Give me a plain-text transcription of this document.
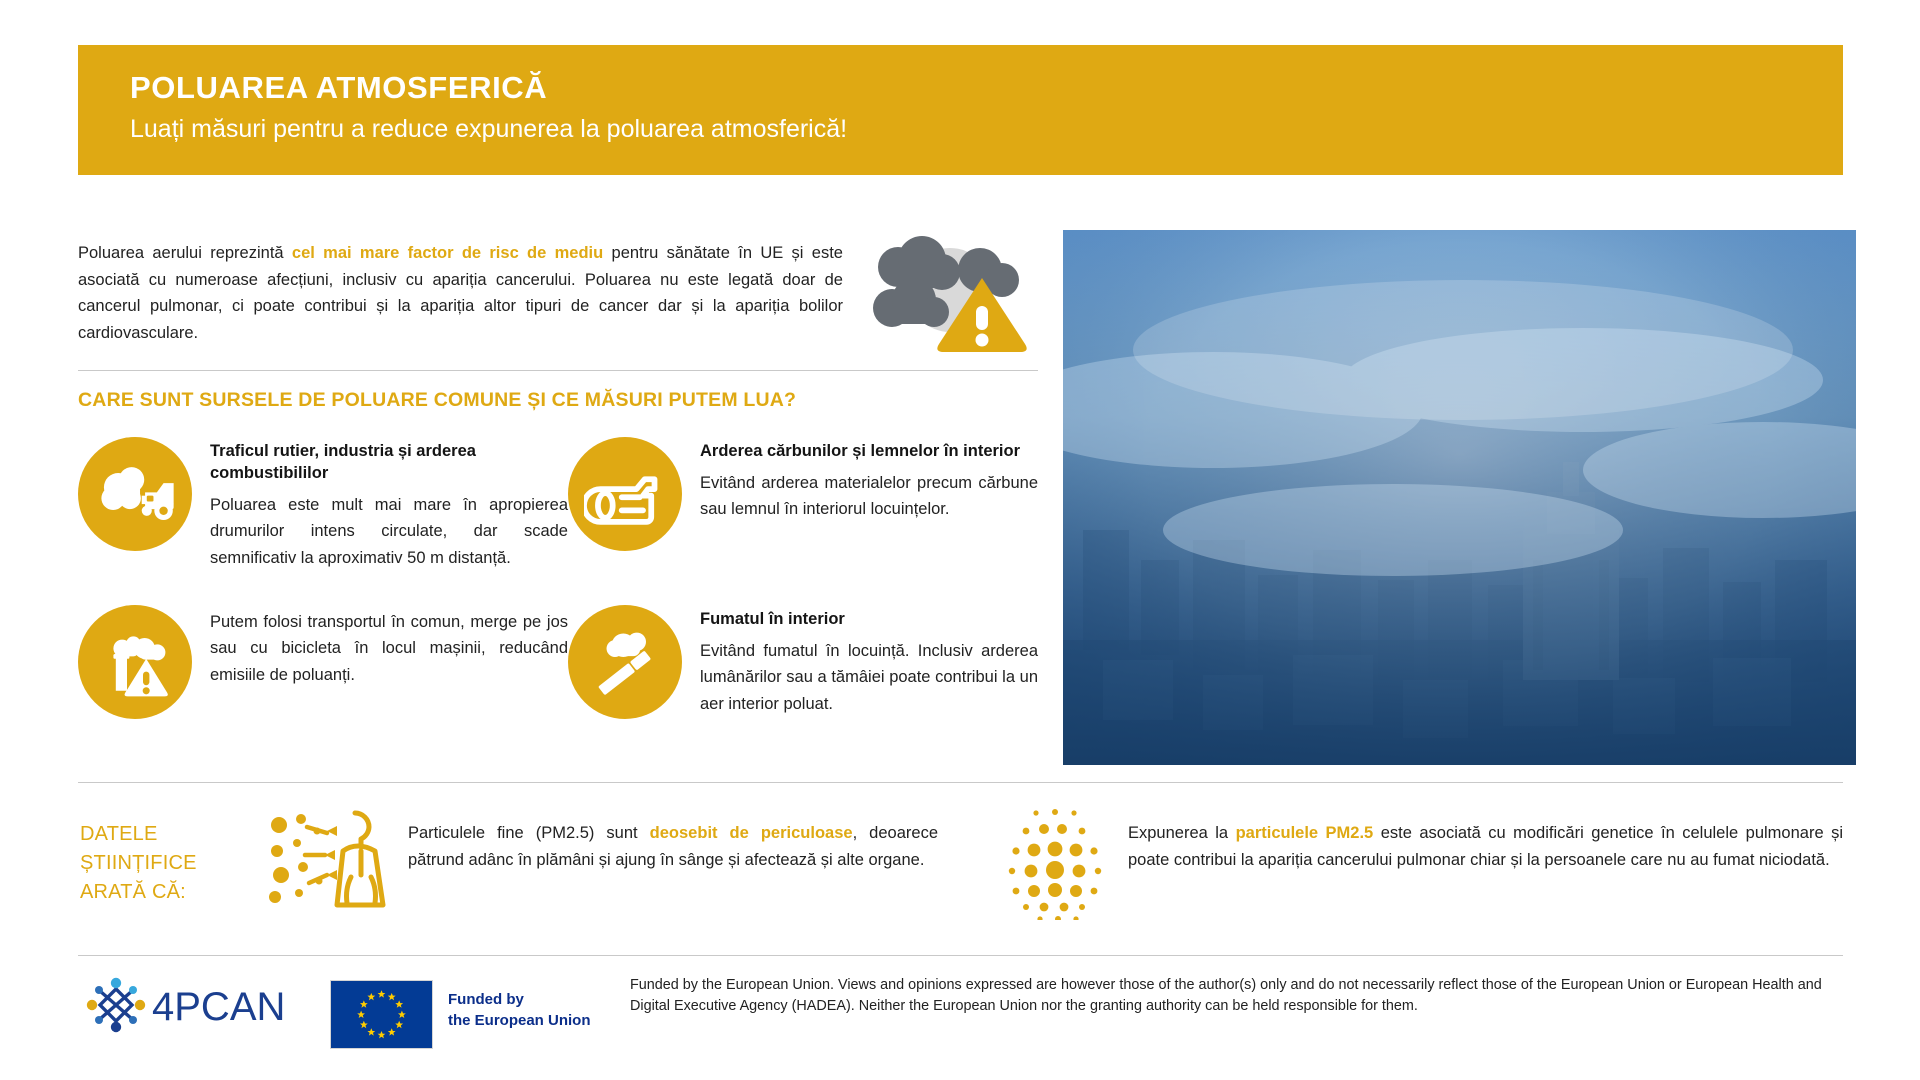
POLUAREA ATMOSFERICĂ
Luați măsuri pentru a reduce expunerea la poluarea atmosferică!

Poluarea aerului reprezintă cel mai mare factor de risc de mediu pentru sănătate în UE și este asociată cu numeroase afecțiuni, inclusiv cu apariția cancerului. Poluarea nu este legată doar de cancerul pulmonar, ci poate contribui și la apariția altor tipuri de cancer dar și la apariția bolilor cardiovasculare.

CARE SUNT SURSELE DE POLUARE COMUNE ȘI CE MĂSURI PUTEM LUA?
Traficul rutier, industria și arderea combustibililor
Poluarea este mult mai mare în apropierea drumurilor intens circulate, dar scade semnificativ la aproximativ 50 m distanță.
Arderea cărbunilor și lemnelor în interior
Evitând arderea materialelor precum cărbune sau lemnul în interiorul locuințelor.
Putem folosi transportul în comun, merge pe jos sau cu bicicleta în locul mașinii, reducând emisiile de poluanți.
Fumatul în interior
Evitând fumatul în locuință. Inclusiv arderea lumânărilor sau a tămâiei poate contribui la un aer interior poluat.
DATELE
ȘTIINȚIFICE
ARATĂ CĂ:

Particulele fine (PM2.5) sunt deosebit de periculoase, deoarece pătrund adânc în plămâni și ajung în sânge și afectează și alte organe.

Expunerea la particulele PM2.5 este asociată cu modificări genetice în celulele pulmonare și poate contribui la apariția cancerului pulmonar chiar și la persoanele care nu au fumat niciodată.

4PCAN	Funded by
the European Union

Funded by the European Union. Views and opinions expressed are however those of the author(s) only and do not necessarily reflect those of the European Union or European Health and Digital Executive Agency (HADEA). Neither the European Union nor the granting authority can be held responsible for them.
